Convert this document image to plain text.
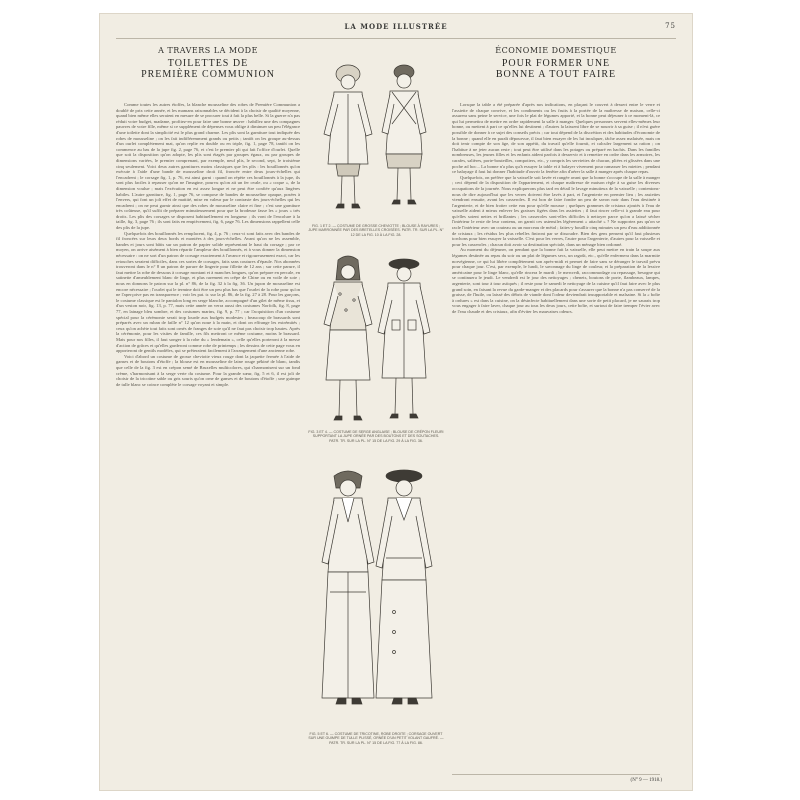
LA MODE ILLUSTRÉE	75
A TRAVERS LA MODE
TOILETTES DE
PREMIÈRE COMMUNION
ÉCONOMIE DOMESTIQUE
POUR FORMER UNE
BONNE A TOUT FAIRE

Comme toutes les autres étoffes, la blanche mousseline des robes de Première Communion a doublé de prix cette année, et les mamans raisonnables se décident à la choisir de qualité moyenne, quand bien même elles seraient en mesure de se procurer tout à fait la plus belle. Si la guerre n'a pas réduit votre budget, madame, profitez-en pour faire une bonne œuvre : habillez une des compagnes pauvres de votre fille, même si ce supplément de dépenses vous oblige à diminuer un peu l'élégance d'une toilette dont la simplicité est le plus grand charme. Les plis sont la garniture tout indiquée des robes de mousseline ; on les fait indifféremment grands ou petits ; tantôt on les groupe au-dessus d'un ourlet complètement mat, qu'on replie en double ou en triple, fig. 1, page 78, tantôt on les commence au bas de la jupe fig. 2, page 76, et c'est le premier pli qui fait l'office d'ourlet. Quelle que soit la disposition qu'on adopte, les plis sont étagés par groupes égaux, ou par groupes de dimensions variées, le premier comprenant, par exemple, neuf plis, le second, sept, le troisième cinq seulement. Voici deux autres garnitures moins classiques que les plis : les bouillonnés qu'on exécute à l'aide d'une bande de mousseline droit fil, froncée entre deux jours-échelles qui l'encadrent ; le corsage fig. 1, p. 76, est ainsi garni : quand on répète ces bouillonnés à la jupe, ils sont plus faciles à repasser qu'on ne l'imagine, pourvu qu'on ait un fer ovale, ou « coque », de la dimension voulue ; mais l'exécution en est assez longue et ne peut être confiée qu'aux lingères habiles. L'autre garniture, fig. 1, page 76, se compose de bandes de mousseline opaque, posées à l'envers, qui font un joli effet de mattité, mise en valeur par le contraste des jours-échelles qui les encadrent ; on ne peut garnir ainsi que des robes de mousseline claire et fine ; c'est une garniture très coûteuse, qu'il suffit de préparer minutieusement pour que la brodeuse fasse les « jours » très droits. Les plis des corsages se disposent habituellement en longueur ; ils vont de l'encolure à la taille, fig. 3, page 76 ; ils sont faits en empiècement, fig. 6, page 76. Les dimensions rappellent celle des plis de la jupe.

Quelquefois des bouillonnés les remplacent, fig. 4, p. 76 ; ceux-ci sont faits avec des bandes de fil froncées sur leurs deux bords et montées à des jours-échelles. Avant qu'on ne les assemble, bandes et jours sont bâtis sur un patron de papier solide représentant le haut du corsage ; par ce moyen, on arrive aisément à bien répartir l'ampleur des bouillonnés, et à vous donner la dimension nécessaire : on ne sort d'un patron de corsage exactement à l'avance et rigoureusement exact, car les retouches seraient difficiles, dans ces sortes de corsages, faits sans coutures d'épaule. Nos abonnées trouveront dans le n° 8 un patron de parure de lingerie pour fillette de 12 ans ; sur cette parure, il faut mettre la robe de dessous à corsage montant et à manches longues, qu'on prépare en percale, en satinette d'ameublement blanc de linge, et plus rarement en crêpe de Chine ou en voile de soie ; nous en donnons le patron sur la pl. n° 86, de la fig. 32 à la fig. 36. Un jupon de mousseline est encore nécessaire ; l'ourlet qui le termine doit être un peu plus bas que l'ourlet de la robe pour qu'on ne l'aperçoive pas en transparence ; voir les pat. tr. sur la pl. 86, de la fig. 27 à 28. Pour les garçons, le costume classique est le pantalon long en serge blanche, accompagné d'un gilet de même tissu, et d'un veston noir, fig. 13, p. 77, mais cette année on verra aussi des costumes Norfolk, fig. 8, page 77, en lainage bleu sombre, et des costumes marins, fig. 9, p. 77 ; car l'acquisition d'un costume spécial pour la cérémonie serait trop lourde aux budgets modestes ; beaucoup de brassards sont préparés avec un ruban de faille n° 12 qu'on noue à la main, et dont on effrange les extrémités ; ceux qu'on achète tout faits sont ornés de franges de soie qu'il ne faut pas choisir trop hautes. Après la cérémonie, pour les visites de famille, ces fils mettront ce même costume, moins le brassard. Mais pour nos filles, il faut songer à la robe du « lendemain », celle qu'elles porteront à la messe d'action de grâces et qu'elles garderont comme robe de printemps ; les dessins de cette page vous en apporteront de gentils modèles, qui se prêteraient facilement à l'arrangement d'une ancienne robe.

Voici d'abord un costume de grosse cheviotte vieux rouge dont la jaquette fermée à l'aide de ganses et de boutons d'étoffe ; la blouse est en mousseline de laine rouge pékiné de blanc, tandis que celle de la fig. 3 est en crépon semé de Bruxelles multicolores, qui s'harmonisent sur un fond crème, s'harmonisant à la serge verte du costume. Pour la grande sœur, fig. 5 et 6, il est joli de choisir de la tricotine sable ou gris souris qu'on orne de ganses et de boutons d'étoffe ; une guimpe de tulle blanc se coince complète le corsage voyant et simple.

FIG. 1 ET 2. — COSTUME DE GROSSE CHEVIOTTE ; BLOUSE À RAYURES ; JUPE MARRONNÉE PAR DES BRETELLES CROISÉES. PATR. TR. SUR LA PL. N° 12 DE LA FIG. 10 À LA FIG. 28.
FIG. 3 ET 4. — COSTUME DE SERGE ANGLAISE ; BLOUSE DE CRÉPON FLEURI SUPPORTANT LA JUPE ORNÉE PAR DES BOUTONS ET DES SOUTACHES. PATR. TR. SUR LA PL. N° 15 DE LA FIG. 29 À LA FIG. 36.
FIG. 5 ET 6. — COSTUME DE TRICOTINE, ROBE DROITE ; CORSAGE OUVERT SUR UNE GUIMPE DE TULLE PLISSÉ, ORNÉE D'UN PETIT VOLANT GAUFRÉ. — PATR. TR. SUR LA PL. N° 15 DE LA FIG. 77 À LA FIG. 86.

Lorsque la table a été préparée d'après nos indications, en plaçant le couvert à dessert entre le verre et l'assiette de chaque convive, et les condiments ou les fruits à la portée de la maîtresse de maison, celle-ci assurera sans peine le service, une fois le plat de légumes apporté, et la bonne peut déjeuner à ce moment-là, ce qui lui permettra de mettre en ordre rapidement la salle à manger. Quelques personnes servent elles-mêmes leur bonne, ou mettent à part ce qu'elles lui destinent ; d'autres la laissent libre de se nourrir à sa guise ; il n'est guère possible de donner à ce sujet des conseils précis ; car tout dépend de la discrétion et des habitudes d'économie de la bonne ; quand elle en paraît dépourvue, il faut bien essayer de les lui inculquer, tâche assez malaisée, mais on doit tenir compte de son âge, de son appétit, du travail qu'elle fournit, et calculer largement sa ration ; on l'habitue à ne jeter aucun reste ; tout peut être utilisé dans les potages ou préparé en hachis. Dans les familles nombreuses, les jeunes filles et les enfants aident parfois à desservir et à remettre en ordre dans les armoires, les carafes, salières, porte-bouteilles, compotiers, etc., y compris les serviettes de chacun, pliées et glissées dans une poche ad hoc... La bonne n'a plus qu'à essuyer la table et à balayer vivement pour ramasser les miettes ; pendant ce balayage il faut lui donner l'habitude d'ouvrir la fenêtre afin d'aérer la salle à manger après chaque repas.

Quelquefois, on préfère que la vaisselle soit lavée et rangée avant que la bonne s'occupe de la salle à manger ; ceci dépend de la disposition de l'appartement, et chaque maîtresse de maison règle à sa guise les diverses occupations de la journée. Nous expliquerons plus tard en détail le lavage minutieux de la vaisselle ; contentons-nous de dire aujourd'hui que les verres doivent être lavés à part, et l'argenterie en premier lieu ; les assiettes viendront ensuite, avant les casseroles. Il est bon de faire fondre un peu de savon noir dans l'eau destinée à l'argenterie, et de bien frotter cette eau pour qu'elle mousse ; quelques grammes de cristaux ajoutés à l'eau de vaisselle aident à mieux enlever les graisses figées dans les assiettes ; il faut rincer celle-ci à grande eau pour qu'elles soient nettes et brillantes ; les casseroles sont-elles difficiles à nettoyer parce qu'on a laissé sécher l'intérieur le reste de leur contenu, on garnit ces ustensiles légèrement « attaché » ? Ne supportez pas qu'on se racle l'intérieur avec un couteau ou un morceau de métal ; faites-y bouillir cinq minutes un peu d'eau additionnée de cristaux ; les résidus les plus rebelles finiront par se dissoudre. Bien des gens pensent qu'il faut plusieurs torchons pour bien essuyer la vaisselle. C'est pour les verres, l'autre pour l'argenterie, d'autres pour la vaisselle et pour les casseroles ; chacun doit avoir sa destination spéciale, dans un ménage bien ordonné.

Au moment du déjeuner, on pendant que la bonne fait la vaisselle, elle peut mettre en train la soupe aux légumes destinée au repas du soir ou un plat de légumes secs, un ragoût, etc., qu'elle enfermera dans la marmite norvégienne, ce qui lui libère complètement son après-midi et permet de faire sans se déranger le travail prévu pour chaque jour. C'est, par exemple, le lundi, le savonnage du linge de couleur, et la préparation de la lessive américaine pour le linge blanc, qu'elle rincera le mardi ; le mercredi, raccommodage ou repassage, besogne qui se continuera le jeudi. Le vendredi est le jour des nettoyages ; chenets, boutons de porte, flambeaux, lampes, argenterie, sont tour à tour astiqués ; il reste pour le samedi le nettoyage de la cuisine qu'il faut faire avec le plus grand soin, en faisant la revue du garde-manger et des placards pour s'assurer que la bonne n'a pas conservé de la graisse, de l'huile, ou laissé des débris de viande dont l'odeur deviendrait insupportable et malsaine. Si la « boîte à ordures » est dans la cuisine, on la désinfecte habituellement dans une sorte de petit placard, je ne saurais trop vous engager à faire laver, chaque jour au tous les deux jours, cette boîte, et surtout de faire tremper l'évier avec de l'eau chaude et des cristaux, afin d'éviter les mauvaises odeurs.

(N° 9 — 1918.)
